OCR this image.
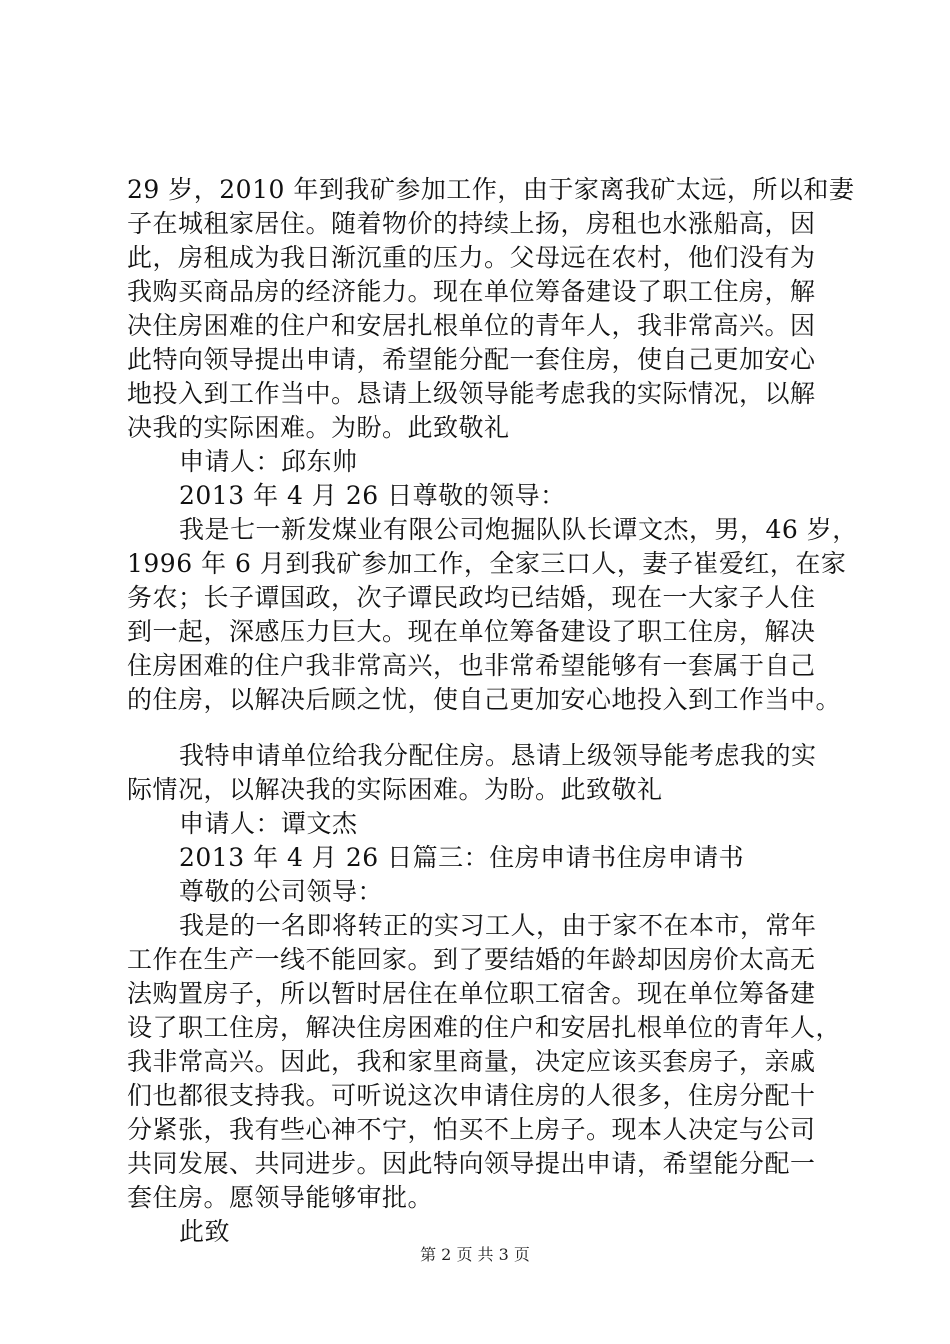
29 岁，2010 年到我矿参加工作，由于家离我矿太远，所以和妻
子在城租家居住。随着物价的持续上扬，房租也水涨船高，因
此，房租成为我日渐沉重的压力。父母远在农村，他们没有为
我购买商品房的经济能力。现在单位筹备建设了职工住房，解
决住房困难的住户和安居扎根单位的青年人，我非常高兴。因
此特向领导提出申请，希望能分配一套住房，使自己更加安心
地投入到工作当中。恳请上级领导能考虑我的实际情况，以解
决我的实际困难。为盼。此致敬礼
申请人：邱东帅
2013 年 4 月 26 日尊敬的领导：
我是七一新发煤业有限公司炮掘队队长谭文杰，男，46 岁，
1996 年 6 月到我矿参加工作，全家三口人，妻子崔爱红，在家
务农；长子谭国政，次子谭民政均已结婚，现在一大家子人住
到一起，深感压力巨大。现在单位筹备建设了职工住房，解决
住房困难的住户我非常高兴，也非常希望能够有一套属于自己
的住房，以解决后顾之忧，使自己更加安心地投入到工作当中。
我特申请单位给我分配住房。恳请上级领导能考虑我的实
际情况，以解决我的实际困难。为盼。此致敬礼
申请人：谭文杰
2013 年 4 月 26 日篇三：住房申请书住房申请书
尊敬的公司领导：
我是的一名即将转正的实习工人，由于家不在本市，常年
工作在生产一线不能回家。到了要结婚的年龄却因房价太高无
法购置房子，所以暂时居住在单位职工宿舍。现在单位筹备建
设了职工住房，解决住房困难的住户和安居扎根单位的青年人，
我非常高兴。因此，我和家里商量，决定应该买套房子，亲戚
们也都很支持我。可听说这次申请住房的人很多，住房分配十
分紧张，我有些心神不宁，怕买不上房子。现本人决定与公司
共同发展、共同进步。因此特向领导提出申请，希望能分配一
套住房。愿领导能够审批。
此致
第 2 页 共 3 页
